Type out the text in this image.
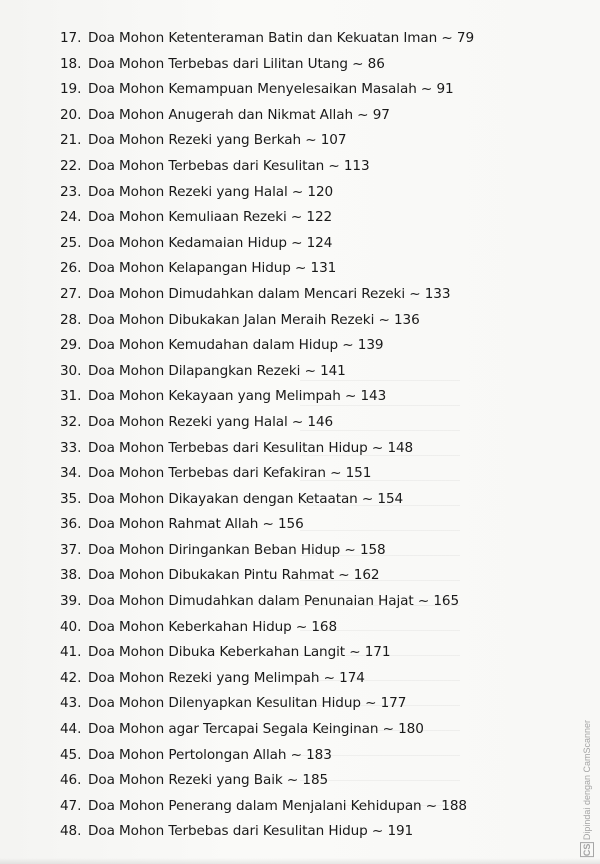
17. Doa Mohon Ketenteraman Batin dan Kekuatan Iman ~ 79
18. Doa Mohon Terbebas dari Lilitan Utang ~ 86
19. Doa Mohon Kemampuan Menyelesaikan Masalah ~ 91
20. Doa Mohon Anugerah dan Nikmat Allah ~ 97
21. Doa Mohon Rezeki yang Berkah ~ 107
22. Doa Mohon Terbebas dari Kesulitan ~ 113
23. Doa Mohon Rezeki yang Halal ~ 120
24. Doa Mohon Kemuliaan Rezeki ~ 122
25. Doa Mohon Kedamaian Hidup ~ 124
26. Doa Mohon Kelapangan Hidup ~ 131
27. Doa Mohon Dimudahkan dalam Mencari Rezeki ~ 133
28. Doa Mohon Dibukakan Jalan Meraih Rezeki ~ 136
29. Doa Mohon Kemudahan dalam Hidup ~ 139
30. Doa Mohon Dilapangkan Rezeki ~ 141
31. Doa Mohon Kekayaan yang Melimpah ~ 143
32. Doa Mohon Rezeki yang Halal ~ 146
33. Doa Mohon Terbebas dari Kesulitan Hidup ~ 148
34. Doa Mohon Terbebas dari Kefakiran ~ 151
35. Doa Mohon Dikayakan dengan Ketaatan ~ 154
36. Doa Mohon Rahmat Allah ~ 156
37. Doa Mohon Diringankan Beban Hidup ~ 158
38. Doa Mohon Dibukakan Pintu Rahmat ~ 162
39. Doa Mohon Dimudahkan dalam Penunaian Hajat ~ 165
40. Doa Mohon Keberkahan Hidup ~ 168
41. Doa Mohon Dibuka Keberkahan Langit ~ 171
42. Doa Mohon Rezeki yang Melimpah ~ 174
43. Doa Mohon Dilenyapkan Kesulitan Hidup ~ 177
44. Doa Mohon agar Tercapai Segala Keinginan ~ 180
45. Doa Mohon Pertolongan Allah ~ 183
46. Doa Mohon Rezeki yang Baik ~ 185
47. Doa Mohon Penerang dalam Menjalani Kehidupan ~ 188
48. Doa Mohon Terbebas dari Kesulitan Hidup ~ 191
CS Dipindai dengan CamScanner
